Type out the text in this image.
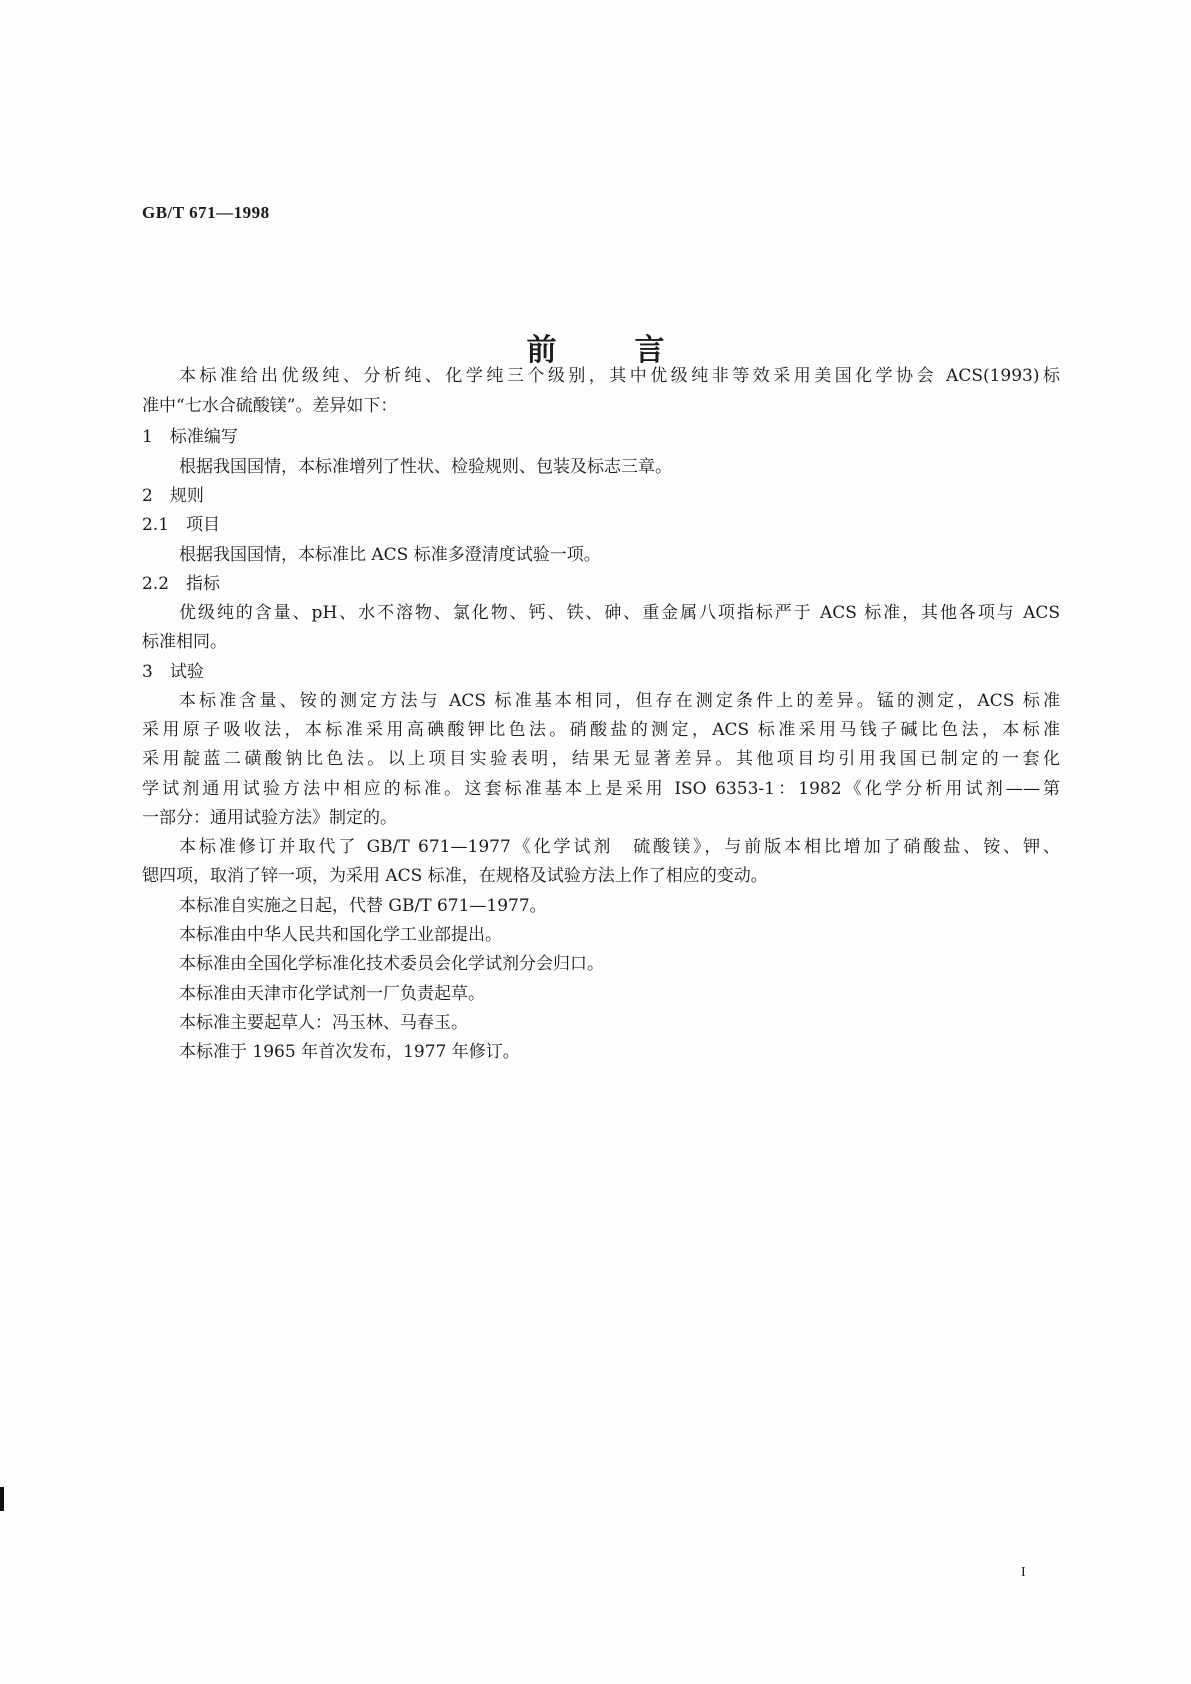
GB/T 671—1998
前言
本标准给出优级纯、分析纯、化学纯三个级别，其中优级纯非等效采用美国化学协会 ACS(1993)标
准中“七水合硫酸镁”。差异如下：
1　标准编写
根据我国国情，本标准增列了性状、检验规则、包装及标志三章。
2　规则
2.1　项目
根据我国国情，本标准比 ACS 标准多澄清度试验一项。
2.2　指标
优级纯的含量、pH、水不溶物、氯化物、钙、铁、砷、重金属八项指标严于 ACS 标准，其他各项与 ACS
标准相同。
3　试验
本标准含量、铵的测定方法与 ACS 标准基本相同，但存在测定条件上的差异。锰的测定，ACS 标准
采用原子吸收法，本标准采用高碘酸钾比色法。硝酸盐的测定，ACS 标准采用马钱子碱比色法，本标准
采用靛蓝二磺酸钠比色法。以上项目实验表明，结果无显著差异。其他项目均引用我国已制定的一套化
学试剂通用试验方法中相应的标准。这套标准基本上是采用 ISO 6353-1：1982《化学分析用试剂——第
一部分：通用试验方法》制定的。
本标准修订并取代了 GB/T 671—1977《化学试剂　硫酸镁》，与前版本相比增加了硝酸盐、铵、钾、
锶四项，取消了锌一项，为采用 ACS 标准，在规格及试验方法上作了相应的变动。
本标准自实施之日起，代替 GB/T 671—1977。
本标准由中华人民共和国化学工业部提出。
本标准由全国化学标准化技术委员会化学试剂分会归口。
本标准由天津市化学试剂一厂负责起草。
本标准主要起草人：冯玉林、马春玉。
本标准于 1965 年首次发布，1977 年修订。
I
